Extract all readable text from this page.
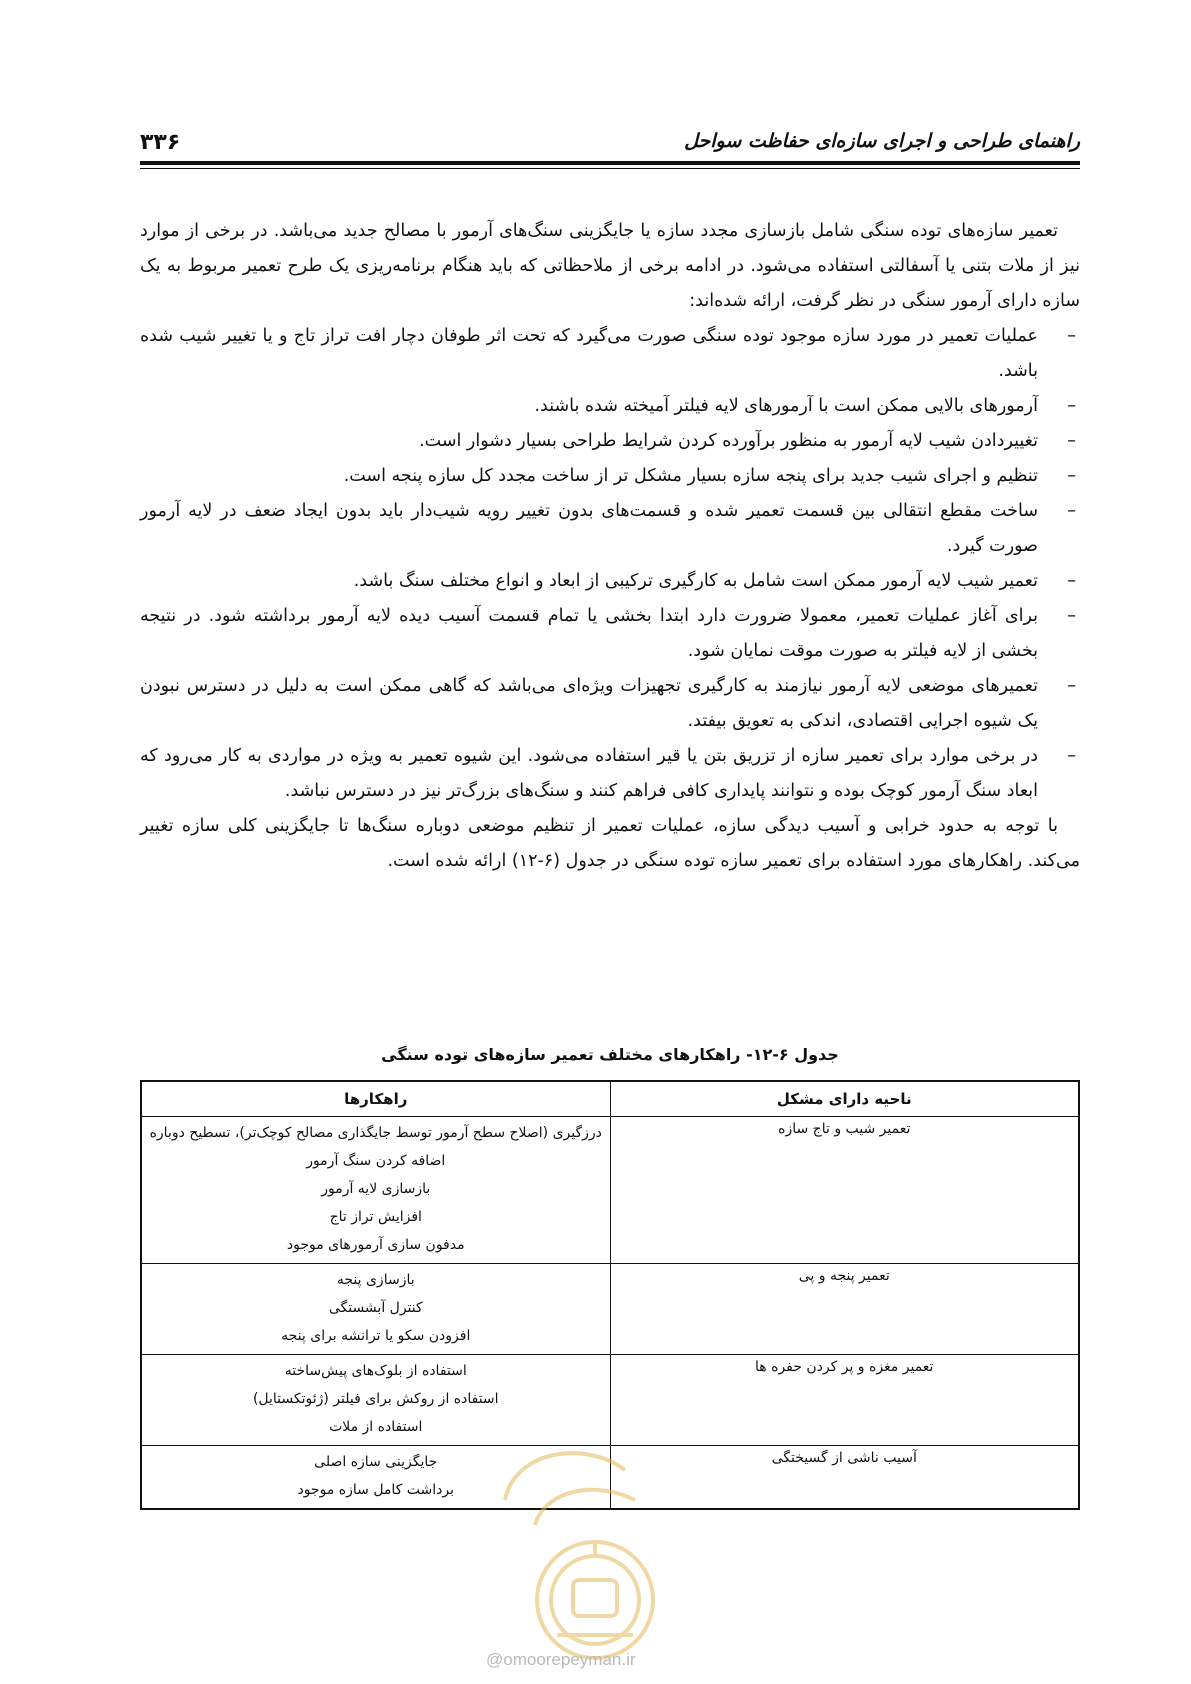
۳۳۶	راهنمای طراحی و اجرای سازه‌ای حفاظت سواحل

تعمیر سازه‌های توده سنگی شامل بازسازی مجدد سازه یا جایگزینی سنگ‌های آرمور با مصالح جدید می‌باشد. در برخی از موارد نیز از ملات بتنی یا آسفالتی استفاده می‌شود. در ادامه برخی از ملاحظاتی که باید هنگام برنامه‌ریزی یک طرح تعمیر مربوط به یک سازه دارای آرمور سنگی در نظر گرفت، ارائه شده‌اند:

–
عملیات تعمیر در مورد سازه موجود توده سنگی صورت می‌گیرد که تحت اثر طوفان دچار افت تراز تاج و یا تغییر شیب شده باشد.
–
آرمورهای بالایی ممکن است با آرمورهای لایه فیلتر آمیخته شده باشند.
–
تغییردادن شیب لایه آرمور به منظور برآورده کردن شرایط طراحی بسیار دشوار است.
–
تنظیم و اجرای شیب جدید برای پنجه سازه بسیار مشکل تر از ساخت مجدد کل سازه پنجه است.
–
ساخت مقطع انتقالی بین قسمت تعمیر شده و قسمت‌های بدون تغییر رویه شیب‌دار باید بدون ایجاد ضعف در لایه آرمور صورت گیرد.
–
تعمیر شیب لایه آرمور ممکن است شامل به کارگیری ترکیبی از ابعاد و انواع مختلف سنگ باشد.
–
برای آغاز عملیات تعمیر، معمولا ضرورت دارد ابتدا بخشی یا تمام قسمت آسیب دیده لایه آرمور برداشته شود. در نتیجه بخشی از لایه فیلتر به صورت موقت نمایان شود.
–
تعمیرهای موضعی لایه آرمور نیازمند به کارگیری تجهیزات ویژه‌ای می‌باشد که گاهی ممکن است به دلیل در دسترس نبودن یک شیوه اجرایی اقتصادی، اندکی به تعویق بیفتد.
–
در برخی موارد برای تعمیر سازه از تزریق بتن یا قیر استفاده می‌شود. این شیوه تعمیر به ویژه در مواردی به کار می‌رود که ابعاد سنگ آرمور کوچک بوده و نتوانند پایداری کافی فراهم کنند و سنگ‌های بزرگ‌تر نیز در دسترس نباشد.

با توجه به حدود خرابی و آسیب دیدگی سازه، عملیات تعمیر از تنظیم موضعی دوباره سنگ‌ها تا جایگزینی کلی سازه تغییر می‌کند. راهکارهای مورد استفاده برای تعمیر سازه توده سنگی در جدول (۶-۱۲) ارائه شده است.

جدول ۶-۱۲- راهکارهای مختلف تعمیر سازه‌های توده سنگی
ناحیه دارای مشکل	راهکارها
تعمیر شیب و تاج سازه	درزگیری (اصلاح سطح آرمور توسط جایگذاری مصالح کوچک‌تر)، تسطیح دوباره
اضافه کردن سنگ آرمور
بازسازی لایه آرمور
افزایش تراز تاج
مدفون سازی آرمورهای موجود

تعمیر پنجه و پی	بازسازی پنجه
کنترل آبشستگی
افزودن سکو یا ترانشه برای پنجه

تعمیر مغزه و پر کردن حفره ها	استفاده از بلوک‌های پیش‌ساخته
استفاده از روکش برای فیلتر (ژئوتکستایل)
استفاده از ملات

آسیب ناشی از گسیختگی	جایگزینی سازه اصلی
برداشت کامل سازه موجود
@omoorepeyman.ir
